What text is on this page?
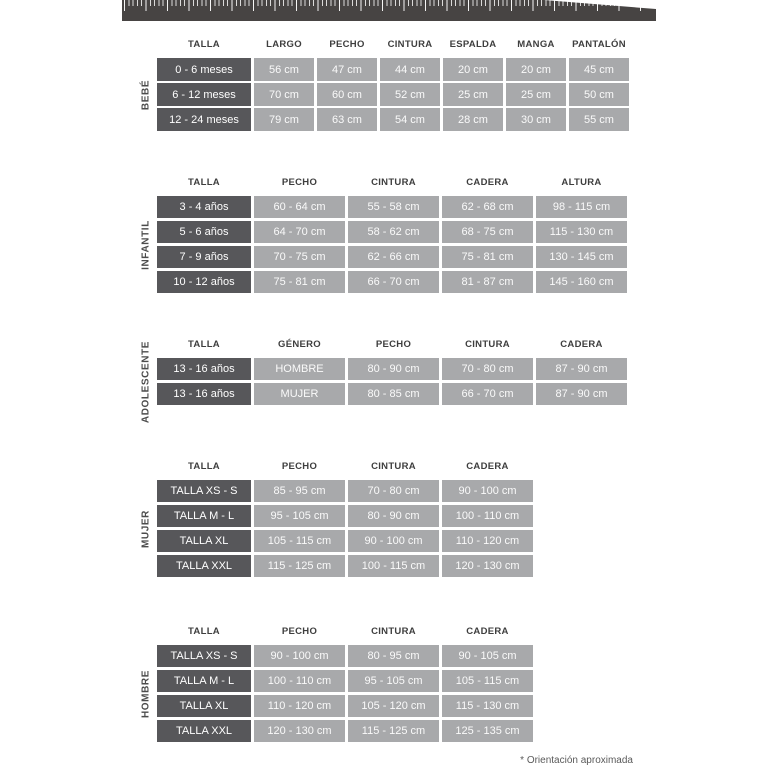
TALLA	LARGO	PECHO	CINTURA	ESPALDA	MANGA	PANTALÓN
0 - 6 meses	56 cm	47 cm	44 cm	20 cm	20 cm	45 cm
6 - 12 meses	70 cm	60 cm	52 cm	25 cm	25 cm	50 cm
12 - 24 meses	79 cm	63 cm	54 cm	28 cm	30 cm	55 cm
BEBÉ
TALLA	PECHO	CINTURA	CADERA	ALTURA
3 - 4 años	60 - 64 cm	55 - 58 cm	62 - 68 cm	98 - 115 cm
5 - 6 años	64 - 70 cm	58 - 62 cm	68 - 75 cm	115 - 130 cm
7 - 9 años	70 - 75 cm	62 - 66 cm	75 - 81 cm	130 - 145 cm
10 - 12 años	75 - 81 cm	66 - 70 cm	81 - 87 cm	145 - 160 cm
INFANTIL
TALLA	GÉNERO	PECHO	CINTURA	CADERA
13 - 16 años	HOMBRE	80 - 90 cm	70 - 80 cm	87 - 90 cm
13 - 16 años	MUJER	80 - 85 cm	66 - 70 cm	87 - 90 cm
ADOLESCENTE
TALLA	PECHO	CINTURA	CADERA
TALLA XS - S	85 - 95 cm	70 - 80 cm	90 - 100 cm
TALLA M - L	95 - 105 cm	80 - 90 cm	100 - 110 cm
TALLA XL	105 - 115 cm	90 - 100 cm	110 - 120 cm
TALLA XXL	115 - 125 cm	100 - 115 cm	120 - 130 cm
MUJER
TALLA	PECHO	CINTURA	CADERA
TALLA XS - S	90 - 100 cm	80 - 95 cm	90 - 105 cm
TALLA M - L	100 - 110 cm	95 - 105 cm	105 - 115 cm
TALLA XL	110 - 120 cm	105 - 120 cm	115 - 130 cm
TALLA XXL	120 - 130 cm	115 - 125 cm	125 - 135 cm
HOMBRE
* Orientación aproximada
